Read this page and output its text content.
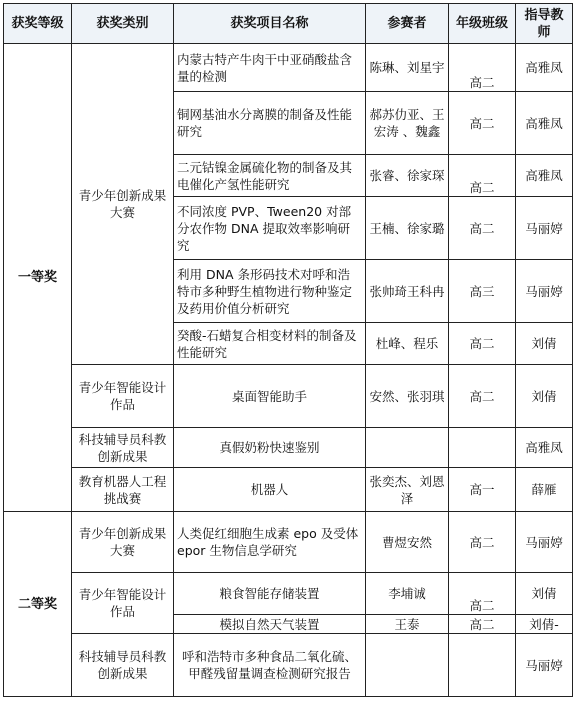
获奖等级	获奖类别	获奖项目名称	参赛者	年级班级	指导教师
一等奖	青少年创新成果大赛	内蒙古特产牛肉干中亚硝酸盐含量的检测	陈琳、刘星宇	高二	高雅凤
		铜网基油水分离膜的制备及性能研究	郝苏仂亚、王宏涛 、魏鑫	高二	高雅凤
		二元钴镍金属硫化物的制备及其电催化产氢性能研究	张睿、徐家琛	高二	高雅凤
		不同浓度 PVP、Tween20 对部分农作物 DNA 提取效率影响研究	王楠、徐家璐	高二	马丽婷
		利用 DNA 条形码技术对呼和浩特市多种野生植物进行物种鉴定及药用价值分析研究	张帅琦王科冉	高三	马丽婷
		癸酸-石蜡复合相变材料的制备及性能研究	杜峰、程乐	高二	刘倩
	青少年智能设计作品	桌面智能助手	安然、张羽琪	高二	刘倩
	科技辅导员科教创新成果	真假奶粉快速鉴别			高雅凤
	教育机器人工程挑战赛	机器人	张奕杰、刘恩泽	高一	薛雁
二等奖	青少年创新成果大赛	人类促红细胞生成素 epo 及受体 epor 生物信息学研究	曹煜安然	高二	马丽婷
	青少年智能设计作品	粮食智能存储装置	李埔诚	高二	刘倩
		模拟自然天气装置	王泰	高二	刘倩-
	科技辅导员科教创新成果	呼和浩特市多种食品二氧化硫、甲醛残留量调查检测研究报告			马丽婷
